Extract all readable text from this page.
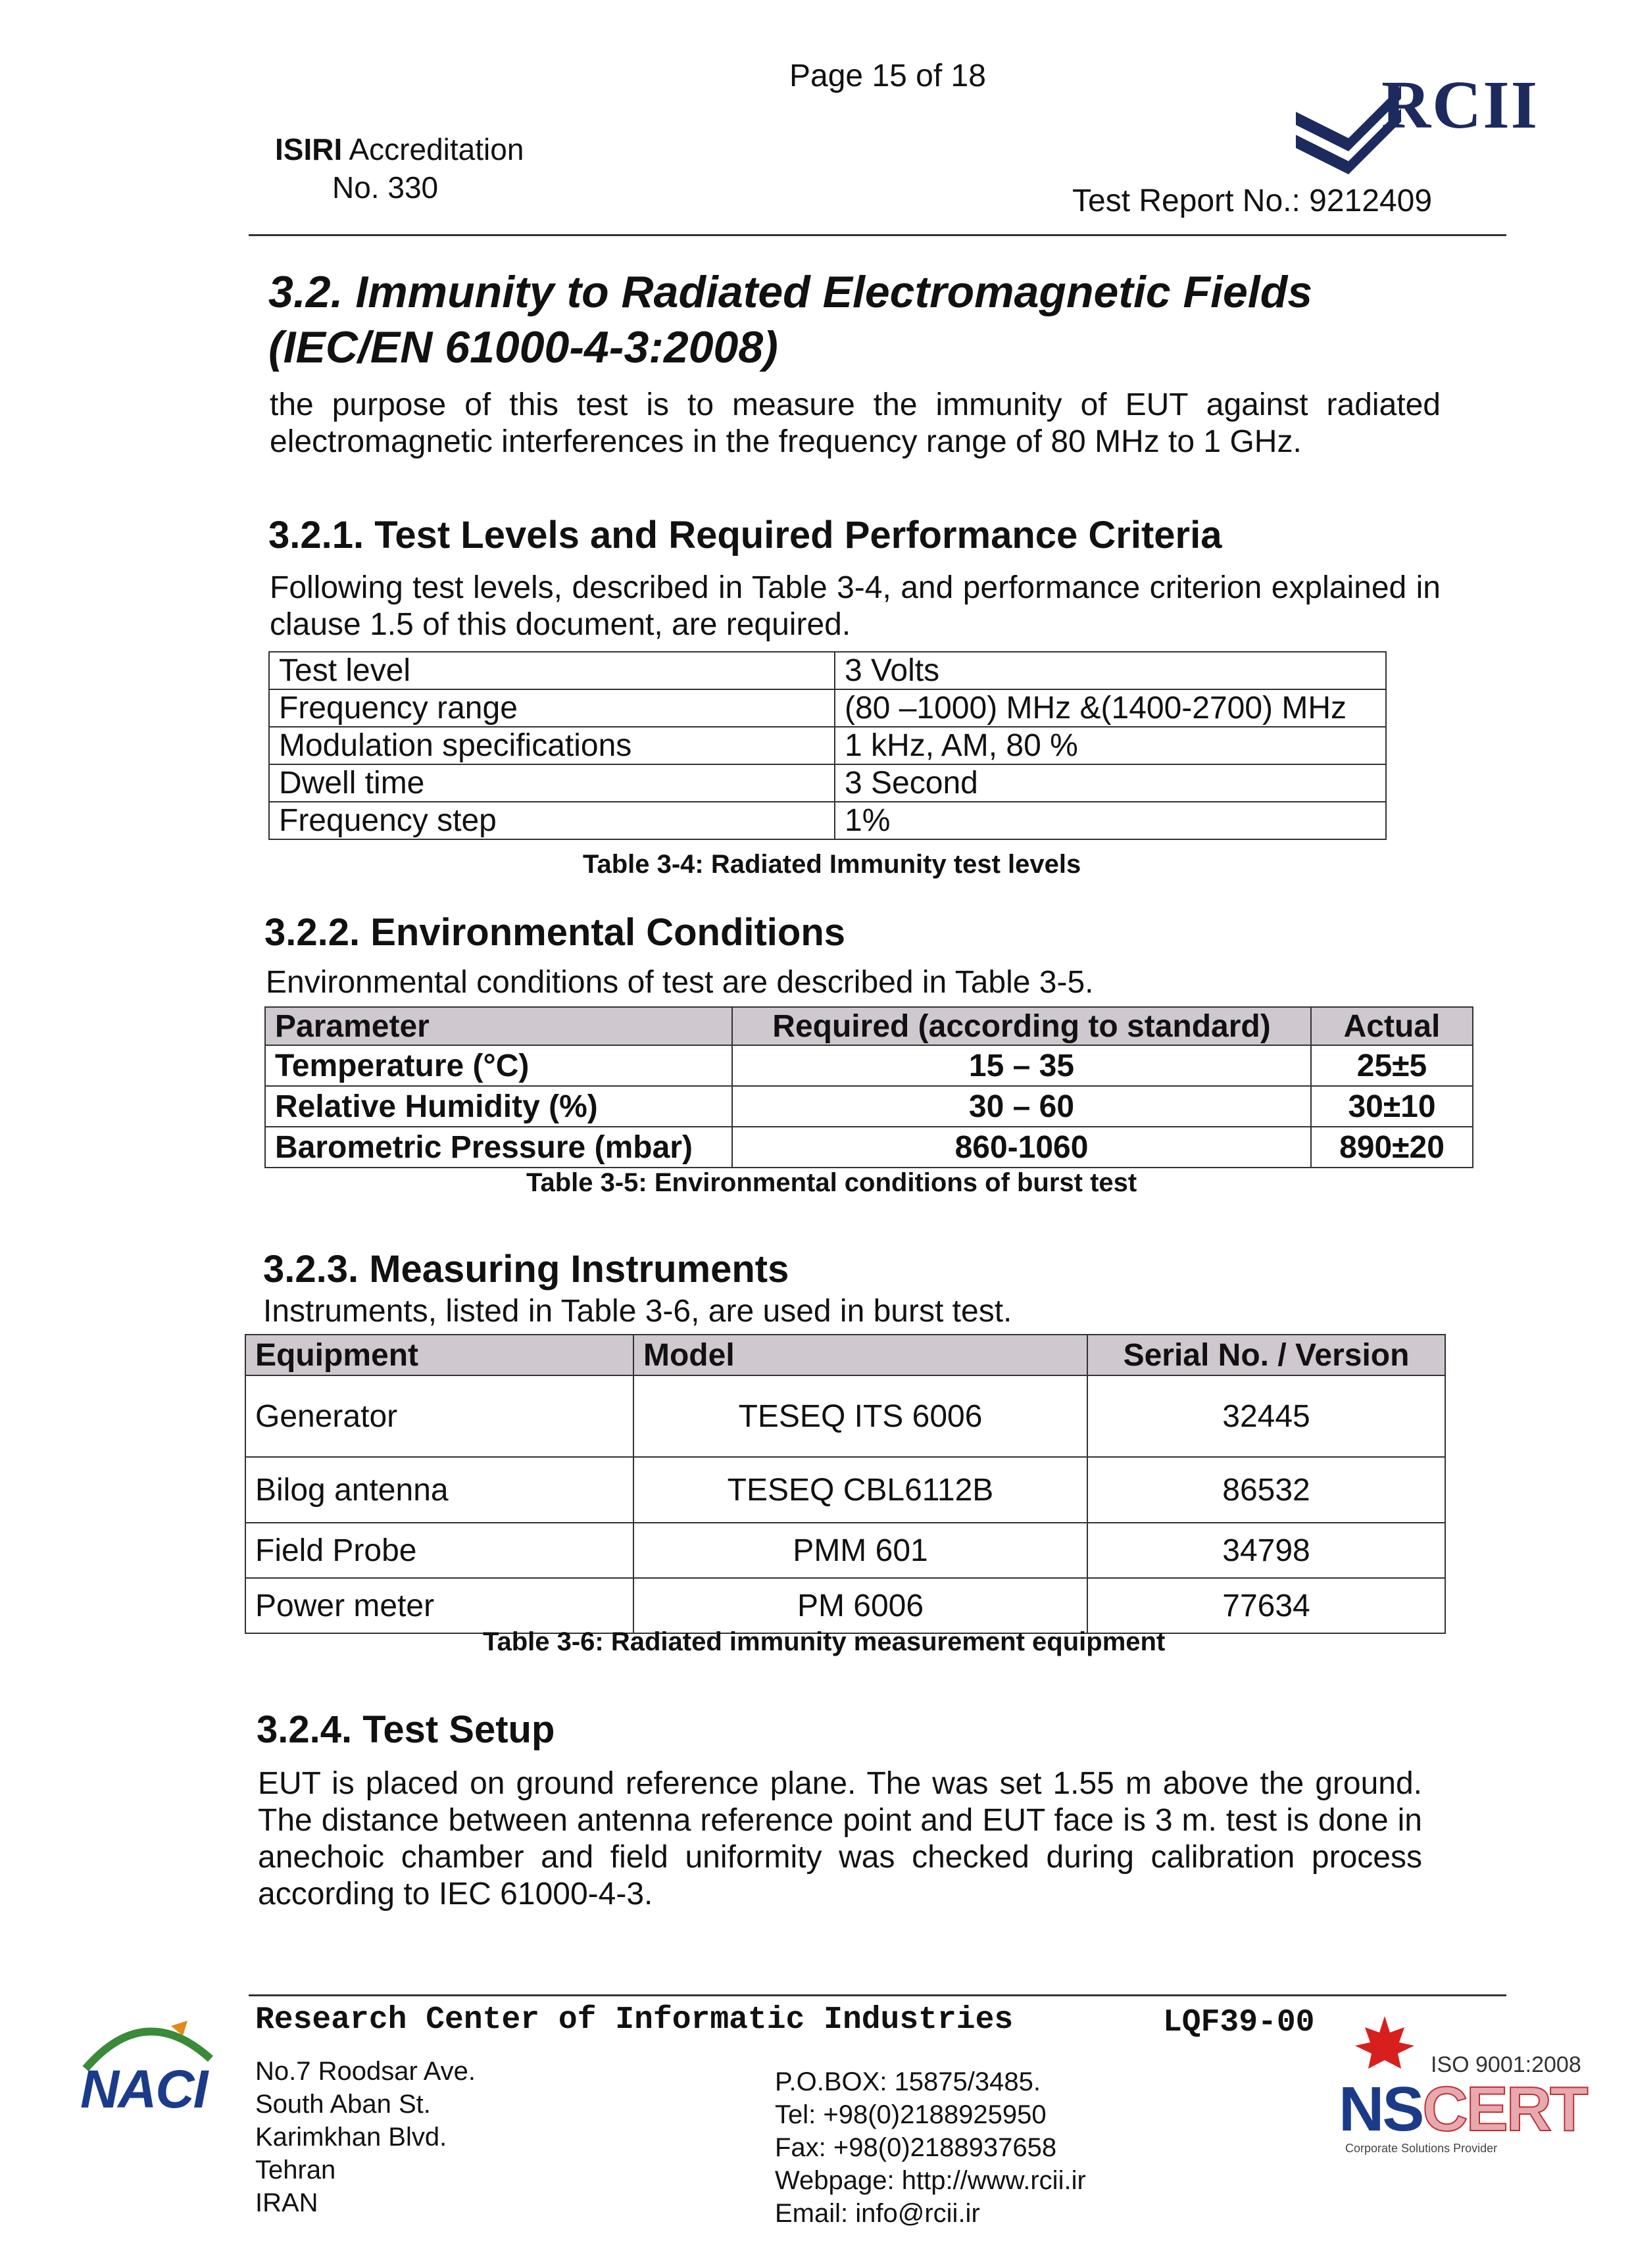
Page 15 of 18
ISIRI Accreditation
No. 330	Test Report No.: 9212409
RCII
3.2. Immunity to Radiated Electromagnetic Fields (IEC/EN 61000-4-3:2008)
the purpose of this test is to measure the immunity of EUT against radiated electromagnetic interferences in the frequency range of 80 MHz to 1 GHz.
3.2.1. Test Levels and Required Performance Criteria
Following test levels, described in Table 3-4, and performance criterion explained in clause 1.5 of this document, are required.
Test level	3 Volts
Frequency range	(80 –1000) MHz &(1400-2700) MHz
Modulation specifications	1 kHz, AM, 80 %
Dwell time	3 Second
Frequency step	1%
Table 3-4: Radiated Immunity test levels
3.2.2. Environmental Conditions
Environmental conditions of test are described in Table 3-5.
Parameter	Required (according to standard)	Actual
Temperature (°C)	15 – 35	25±5
Relative Humidity (%)	30 – 60	30±10
Barometric Pressure (mbar)	860-1060	890±20
Table 3-5: Environmental conditions of burst test
3.2.3. Measuring Instruments
Instruments, listed in Table 3-6, are used in burst test.
Equipment	Model	Serial No. / Version
Generator	TESEQ ITS 6006	32445
Bilog antenna	TESEQ CBL6112B	86532
Field Probe	PMM 601	34798
Power meter	PM 6006	77634
Table 3-6: Radiated immunity measurement equipment
3.2.4. Test Setup
EUT is placed on ground reference plane. The was set 1.55 m above the ground. The distance between antenna reference point and EUT face is 3 m. test is done in anechoic chamber and field uniformity was checked during calibration process according to IEC 61000-4-3.
Research Center of Informatic Industries	LQF39-00
No.7 Roodsar Ave.
South Aban St.
Karimkhan Blvd.
Tehran
IRAN
P.O.BOX: 15875/3485.
Tel: +98(0)2188925950
Fax: +98(0)2188937658
Webpage: http://www.rcii.ir
Email: info@rcii.ir
NACI	ISO 9001:2008
NSCERT
Corporate Solutions Provider
